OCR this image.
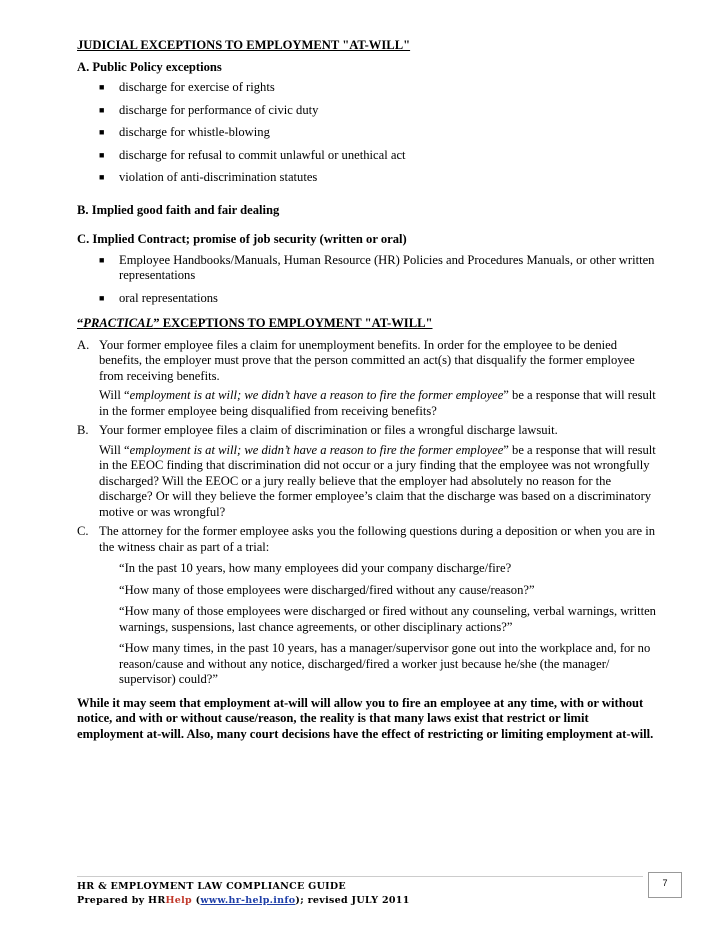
JUDICIAL EXCEPTIONS TO EMPLOYMENT "AT-WILL"

A. Public Policy exceptions

■ discharge for exercise of rights
■ discharge for performance of civic duty
■ discharge for whistle-blowing
■ discharge for refusal to commit unlawful or unethical act
■ violation of anti-discrimination statutes

B. Implied good faith and fair dealing

C. Implied Contract; promise of job security (written or oral)

■ Employee Handbooks/Manuals, Human Resource (HR) Policies and Procedures Manuals, or other written representations
■ oral representations

“PRACTICAL” EXCEPTIONS TO EMPLOYMENT "AT-WILL"

A. Your former employee files a claim for unemployment benefits. In order for the employee to be denied benefits, the employer must prove that the person committed an act(s) that disqualify the former employee from receiving benefits.
Will “employment is at will; we didn’t have a reason to fire the former employee” be a response that will result in the former employee being disqualified from receiving benefits?
B. Your former employee files a claim of discrimination or files a wrongful discharge lawsuit.
Will “employment is at will; we didn’t have a reason to fire the former employee” be a response that will result in the EEOC finding that discrimination did not occur or a jury finding that the employee was not wrongfully discharged? Will the EEOC or a jury really believe that the employer had absolutely no reason for the discharge? Or will they believe the former employee’s claim that the discharge was based on a discriminatory motive or was wrongful?
C. The attorney for the former employee asks you the following questions during a deposition or when you are in the witness chair as part of a trial:

“In the past 10 years, how many employees did your company discharge/fire?

“How many of those employees were discharged/fired without any cause/reason?”

“How many of those employees were discharged or fired without any counseling, verbal warnings, written warnings, suspensions, last chance agreements, or other disciplinary actions?”

“How many times, in the past 10 years, has a manager/supervisor gone out into the workplace and, for no reason/cause and without any notice, discharged/fired a worker just because he/she (the manager/ supervisor) could?”

While it may seem that employment at-will will allow you to fire an employee at any time, with or without notice, and with or without cause/reason, the reality is that many laws exist that restrict or limit employment at-will. Also, many court decisions have the effect of restricting or limiting employment at-will.

7
HR & EMPLOYMENT LAW COMPLIANCE GUIDE
Prepared by HRHelp (www.hr-help.info); revised JULY 2011
